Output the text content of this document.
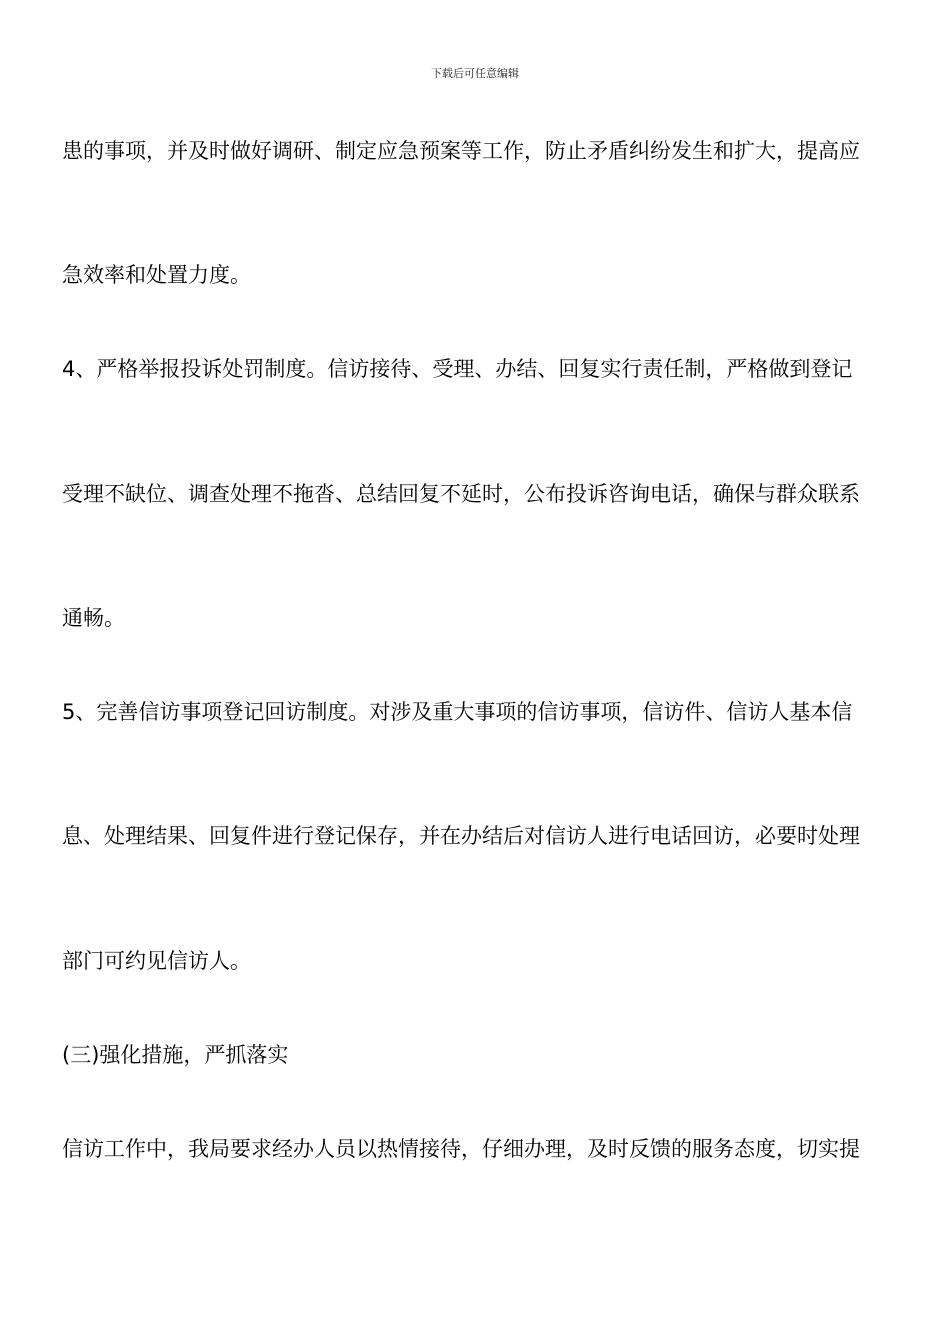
下载后可任意编辑
患的事项，并及时做好调研、制定应急预案等工作，防止矛盾纠纷发生和扩大，提高应
急效率和处置力度。
4、严格举报投诉处罚制度。信访接待、受理、办结、回复实行责任制，严格做到登记
受理不缺位、调查处理不拖沓、总结回复不延时，公布投诉咨询电话，确保与群众联系
通畅。
5、完善信访事项登记回访制度。对涉及重大事项的信访事项，信访件、信访人基本信
息、处理结果、回复件进行登记保存，并在办结后对信访人进行电话回访，必要时处理
部门可约见信访人。
(三)强化措施，严抓落实
信访工作中，我局要求经办人员以热情接待，仔细办理，及时反馈的服务态度，切实提
